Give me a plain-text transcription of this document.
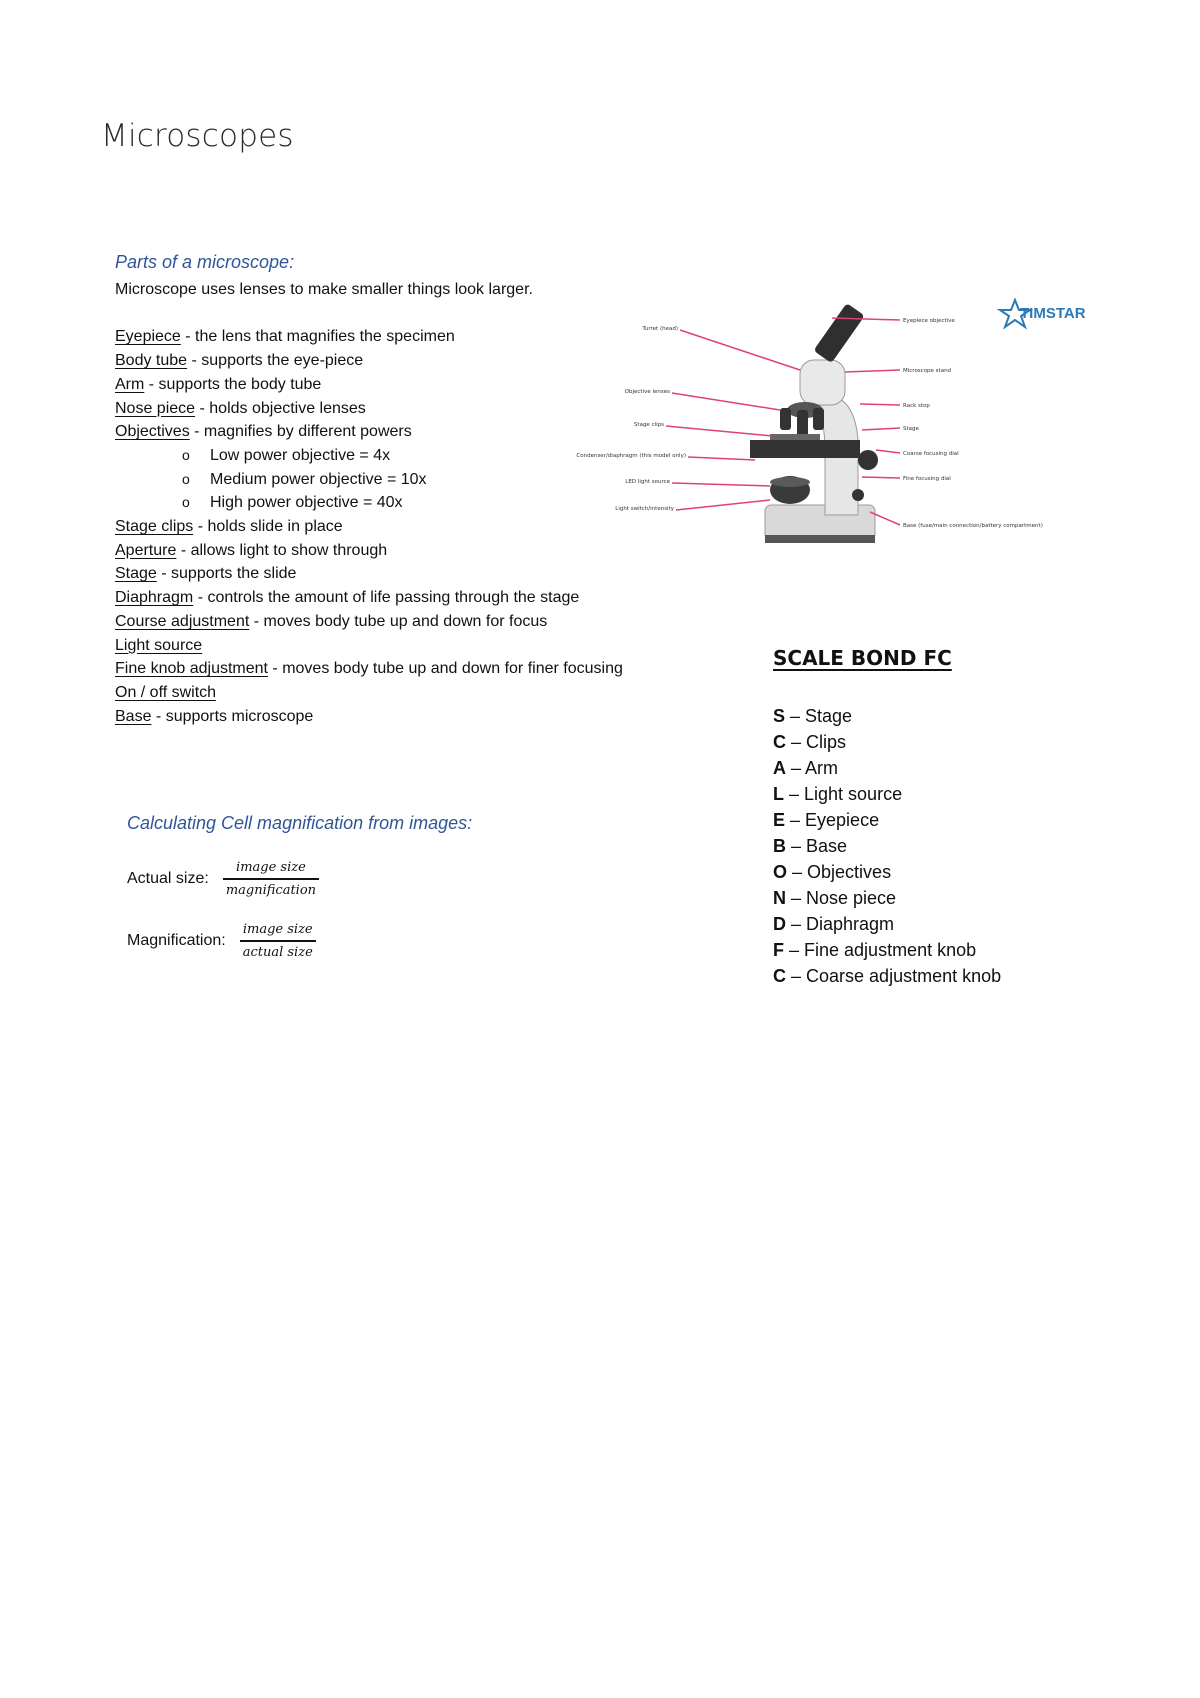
Microscopes
Parts of a microscope:
Microscope uses lenses to make smaller things look larger.
Eyepiece - the lens that magnifies the specimen
Body tube - supports the eye-piece
Arm - supports the body tube
Nose piece - holds objective lenses
Objectives - magnifies by different powers
o Low power objective = 4x
o Medium power objective = 10x
o High power objective = 40x
Stage clips - holds slide in place
Aperture - allows light to show through
Stage - supports the slide
Diaphragm - controls the amount of life passing through the stage
Course adjustment - moves body tube up and down for focus
Light source
Fine knob adjustment - moves body tube up and down for finer focusing
On / off switch
Base - supports microscope
Calculating Cell magnification from images:
Actual size: $\frac{\text{image size}}{\text{magnification}}$
Magnification: $\frac{\text{image size}}{\text{actual size}}$
Turret (head)
Objective lenses
Stage clips
Condenser/diaphragm (this model only)
LED light source
Light switch/intensity
Eyepiece objective
Microscope stand
Rack stop
Stage
Coarse focusing dial
Fine focusing dial
Base (fuse/main connection/battery compartment)
TIMSTAR
SCALE BOND FC
S – Stage
C – Clips
A – Arm
L – Light source
E – Eyepiece
B – Base
O – Objectives
N – Nose piece
D – Diaphragm
F – Fine adjustment knob
C – Coarse adjustment knob
